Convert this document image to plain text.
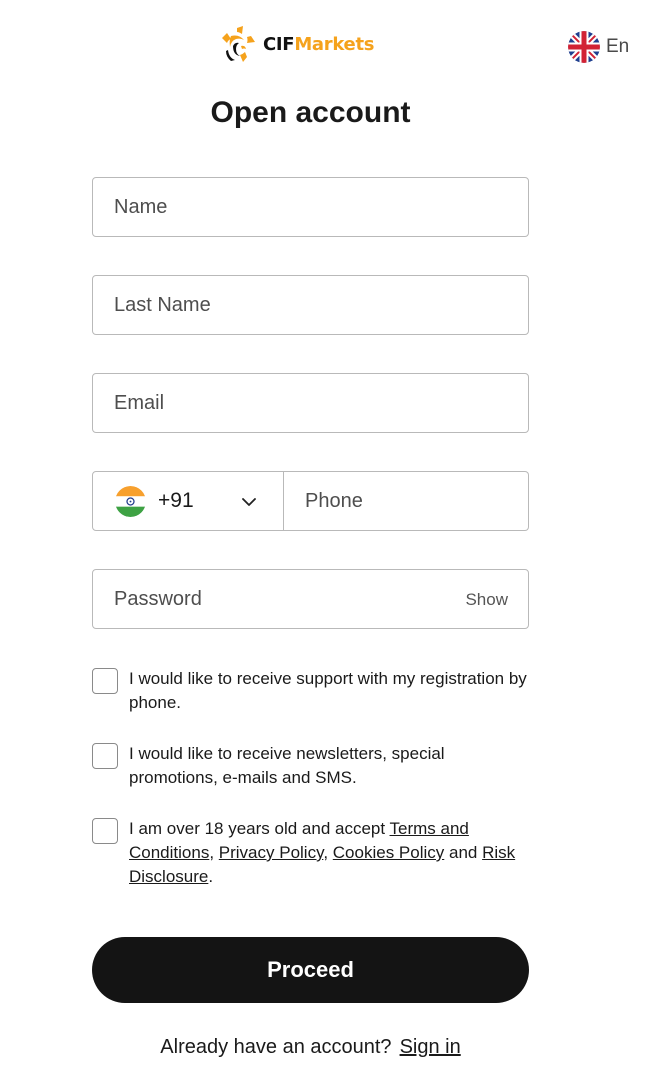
CIFMarkets	En
Open account
Name
Last Name
Email
+91
Phone
Show
I would like to receive support with my registration by phone.
I would like to receive newsletters, special promotions, e-mails and SMS.
I am over 18 years old and accept Terms and Conditions, Privacy Policy, Cookies Policy and Risk Disclosure.
Proceed
Already have an account? Sign in
